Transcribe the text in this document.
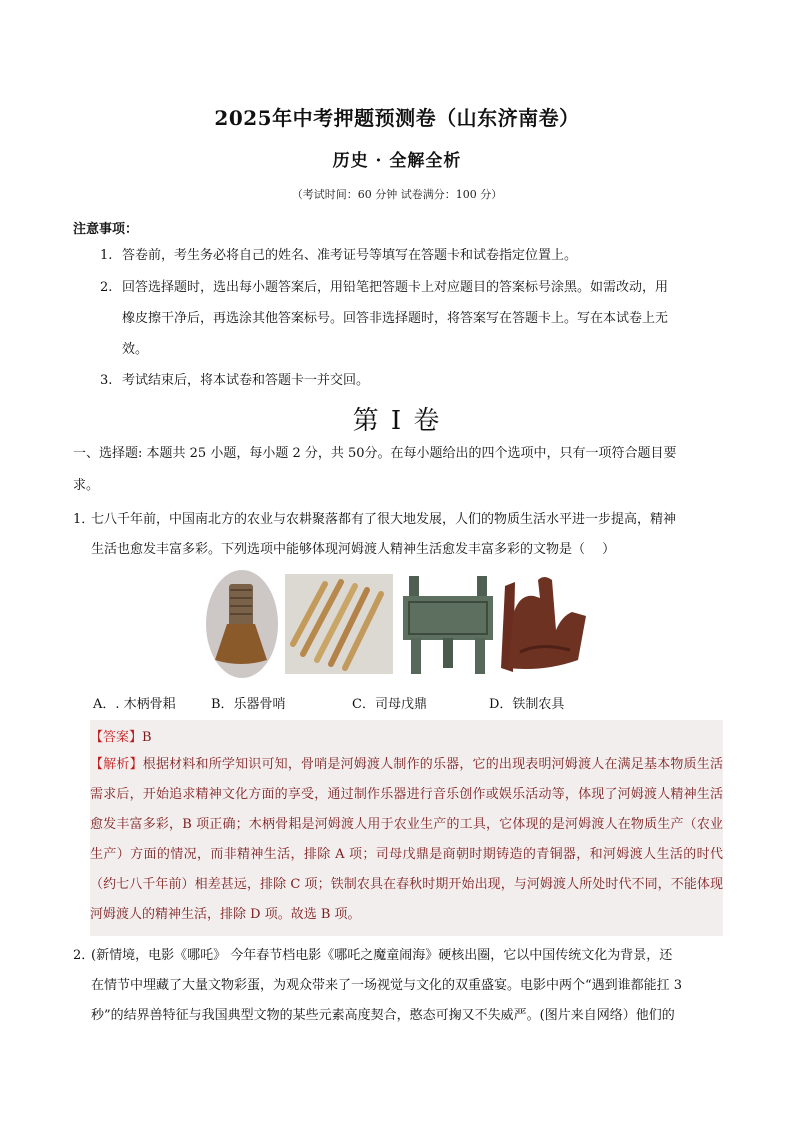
2025年中考押题预测卷（山东济南卷）
历史 · 全解全析
（考试时间：60 分钟 试卷满分：100 分）
注意事项：
1. 答卷前，考生务必将自己的姓名、准考证号等填写在答题卡和试卷指定位置上。
2. 回答选择题时，选出每小题答案后，用铅笔把答题卡上对应题目的答案标号涂黑。如需改动，用
橡皮擦干净后，再选涂其他答案标号。回答非选择题时，将答案写在答题卡上。写在本试卷上无
效。
3. 考试结束后，将本试卷和答题卡一并交回。
第 I 卷
一、选择题: 本题共 25 小题，每小题 2 分，共 50分。在每小题给出的四个选项中，只有一项符合题目要
求。
1．
七八千年前，中国南北方的农业与农耕聚落都有了很大地发展，人们的物质生活水平进一步提高，精神
生活也愈发丰富多彩。下列选项中能够体现河姆渡人精神生活愈发丰富多彩的文物是（　 ）
A．. 木柄骨耜	B．乐器骨哨	C．司母戊鼎	D．铁制农具
【答案】B
【解析】根据材料和所学知识可知，骨哨是河姆渡人制作的乐器，它的出现表明河姆渡人在满足基本物质生活需求后，开始追求精神文化方面的享受，通过制作乐器进行音乐创作或娱乐活动等，体现了河姆渡人精神生活愈发丰富多彩，B 项正确；木柄骨耜是河姆渡人用于农业生产的工具，它体现的是河姆渡人在物质生产（农业生产）方面的情况，而非精神生活，排除 A 项；司母戊鼎是商朝时期铸造的青铜器，和河姆渡人生活的时代（约七八千年前）相差甚远，排除 C 项；铁制农具在春秋时期开始出现，与河姆渡人所处时代不同，不能体现河姆渡人的精神生活，排除 D 项。故选 B 项。
2．
(新情境，电影《哪吒》 今年春节档电影《哪吒之魔童闹海》硬核出圈，它以中国传统文化为背景，还
在情节中埋藏了大量文物彩蛋，为观众带来了一场视觉与文化的双重盛宴。电影中两个“遇到谁都能扛 3
秒”的结界兽特征与我国典型文物的某些元素高度契合，憨态可掬又不失威严。(图片来自网络）他们的
